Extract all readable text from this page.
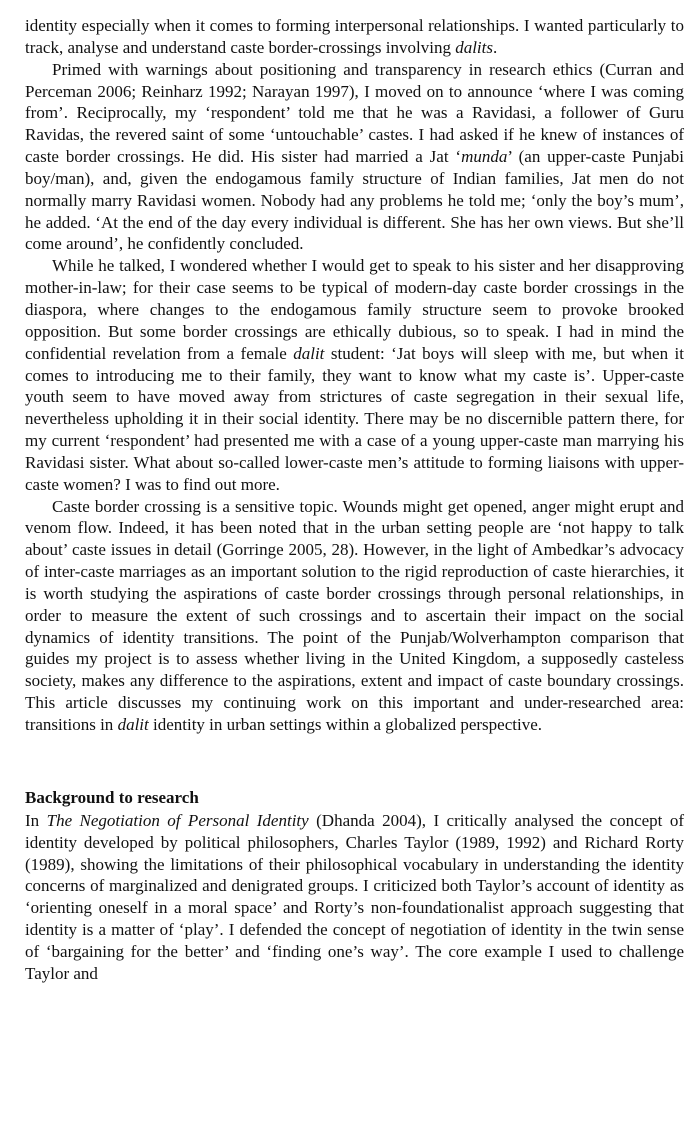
identity especially when it comes to forming interpersonal relationships. I wanted particularly to track, analyse and understand caste border-crossings involving dalits.

Primed with warnings about positioning and transparency in research ethics (Curran and Perceman 2006; Reinharz 1992; Narayan 1997), I moved on to announce ‘where I was coming from’. Reciprocally, my ‘respondent’ told me that he was a Ravidasi, a follower of Guru Ravidas, the revered saint of some ‘untouchable’ castes. I had asked if he knew of instances of caste border crossings. He did. His sister had married a Jat ‘munda’ (an upper-caste Punjabi boy/man), and, given the endogamous family structure of Indian families, Jat men do not normally marry Ravidasi women. Nobody had any problems he told me; ‘only the boy’s mum’, he added. ‘At the end of the day every individual is different. She has her own views. But she’ll come around’, he confidently concluded.

While he talked, I wondered whether I would get to speak to his sister and her disapproving mother-in-law; for their case seems to be typical of modern-day caste border crossings in the diaspora, where changes to the endogamous family structure seem to provoke brooked opposition. But some border crossings are ethically dubious, so to speak. I had in mind the confidential revelation from a female dalit student: ‘Jat boys will sleep with me, but when it comes to introducing me to their family, they want to know what my caste is’. Upper-caste youth seem to have moved away from strictures of caste segregation in their sexual life, nevertheless upholding it in their social identity. There may be no discernible pattern there, for my current ‘respondent’ had presented me with a case of a young upper-caste man marrying his Ravidasi sister. What about so-called lower-caste men’s attitude to forming liaisons with upper-caste women? I was to find out more.

Caste border crossing is a sensitive topic. Wounds might get opened, anger might erupt and venom flow. Indeed, it has been noted that in the urban setting people are ‘not happy to talk about’ caste issues in detail (Gorringe 2005, 28). However, in the light of Ambedkar’s advocacy of inter-caste marriages as an important solution to the rigid reproduction of caste hierarchies, it is worth studying the aspirations of caste border crossings through personal relationships, in order to measure the extent of such crossings and to ascertain their impact on the social dynamics of identity transitions. The point of the Punjab/Wolverhampton comparison that guides my project is to assess whether living in the United Kingdom, a supposedly casteless society, makes any difference to the aspirations, extent and impact of caste boundary crossings. This article discusses my continuing work on this important and under-researched area: transitions in dalit identity in urban settings within a globalized perspective.

Background to research

In The Negotiation of Personal Identity (Dhanda 2004), I critically analysed the concept of identity developed by political philosophers, Charles Taylor (1989, 1992) and Richard Rorty (1989), showing the limitations of their philosophical vocabulary in understanding the identity concerns of marginalized and denigrated groups. I criticized both Taylor’s account of identity as ‘orienting oneself in a moral space’ and Rorty’s non-foundationalist approach suggesting that identity is a matter of ‘play’. I defended the concept of negotiation of identity in the twin sense of ‘bargaining for the better’ and ‘finding one’s way’. The core example I used to challenge Taylor and
